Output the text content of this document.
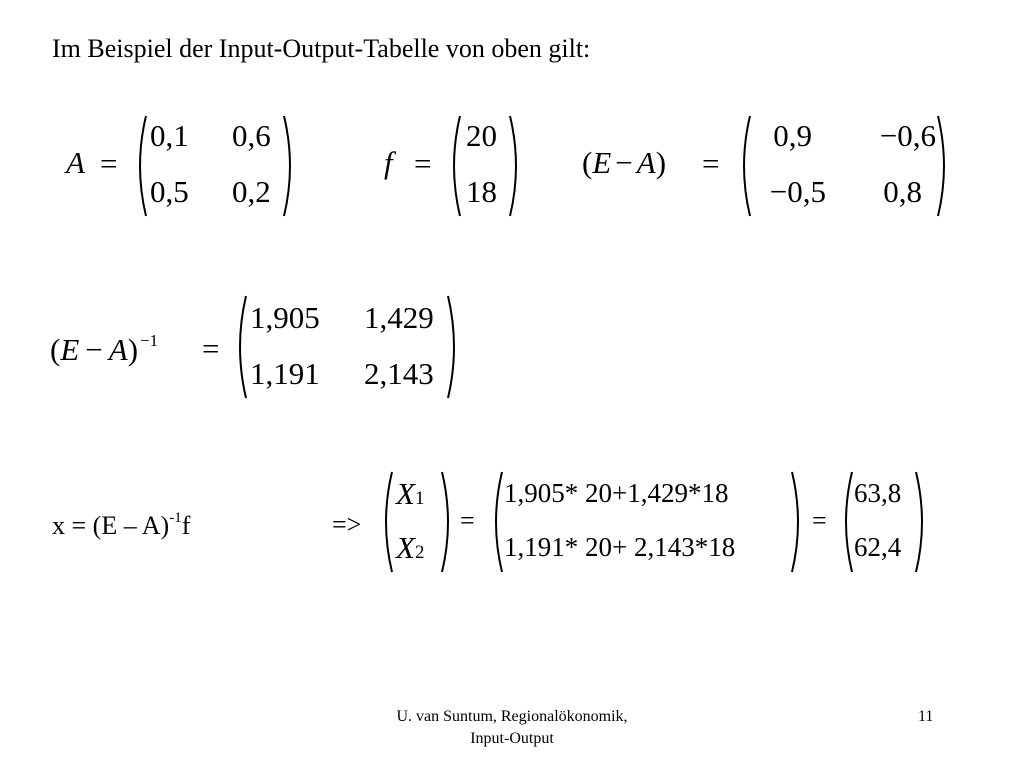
Im Beispiel der Input-Output-Tabelle von oben gilt:
A =
0,1 0,6
0,5 0,2
f =
20
18
(E − A) =
0,9	−0,6
−0,5	0,8
(E − A) $^{-1}$ =
1,905 1,429
1,191 2,143
x = (E – A)$^{-1}$f	=>
X1
X2
=
1,905* 20+1,429*18
1,191* 20+ 2,143*18
=
63,8
62,4
U. van Suntum, Regionalökonomik,
Input-Output
11
